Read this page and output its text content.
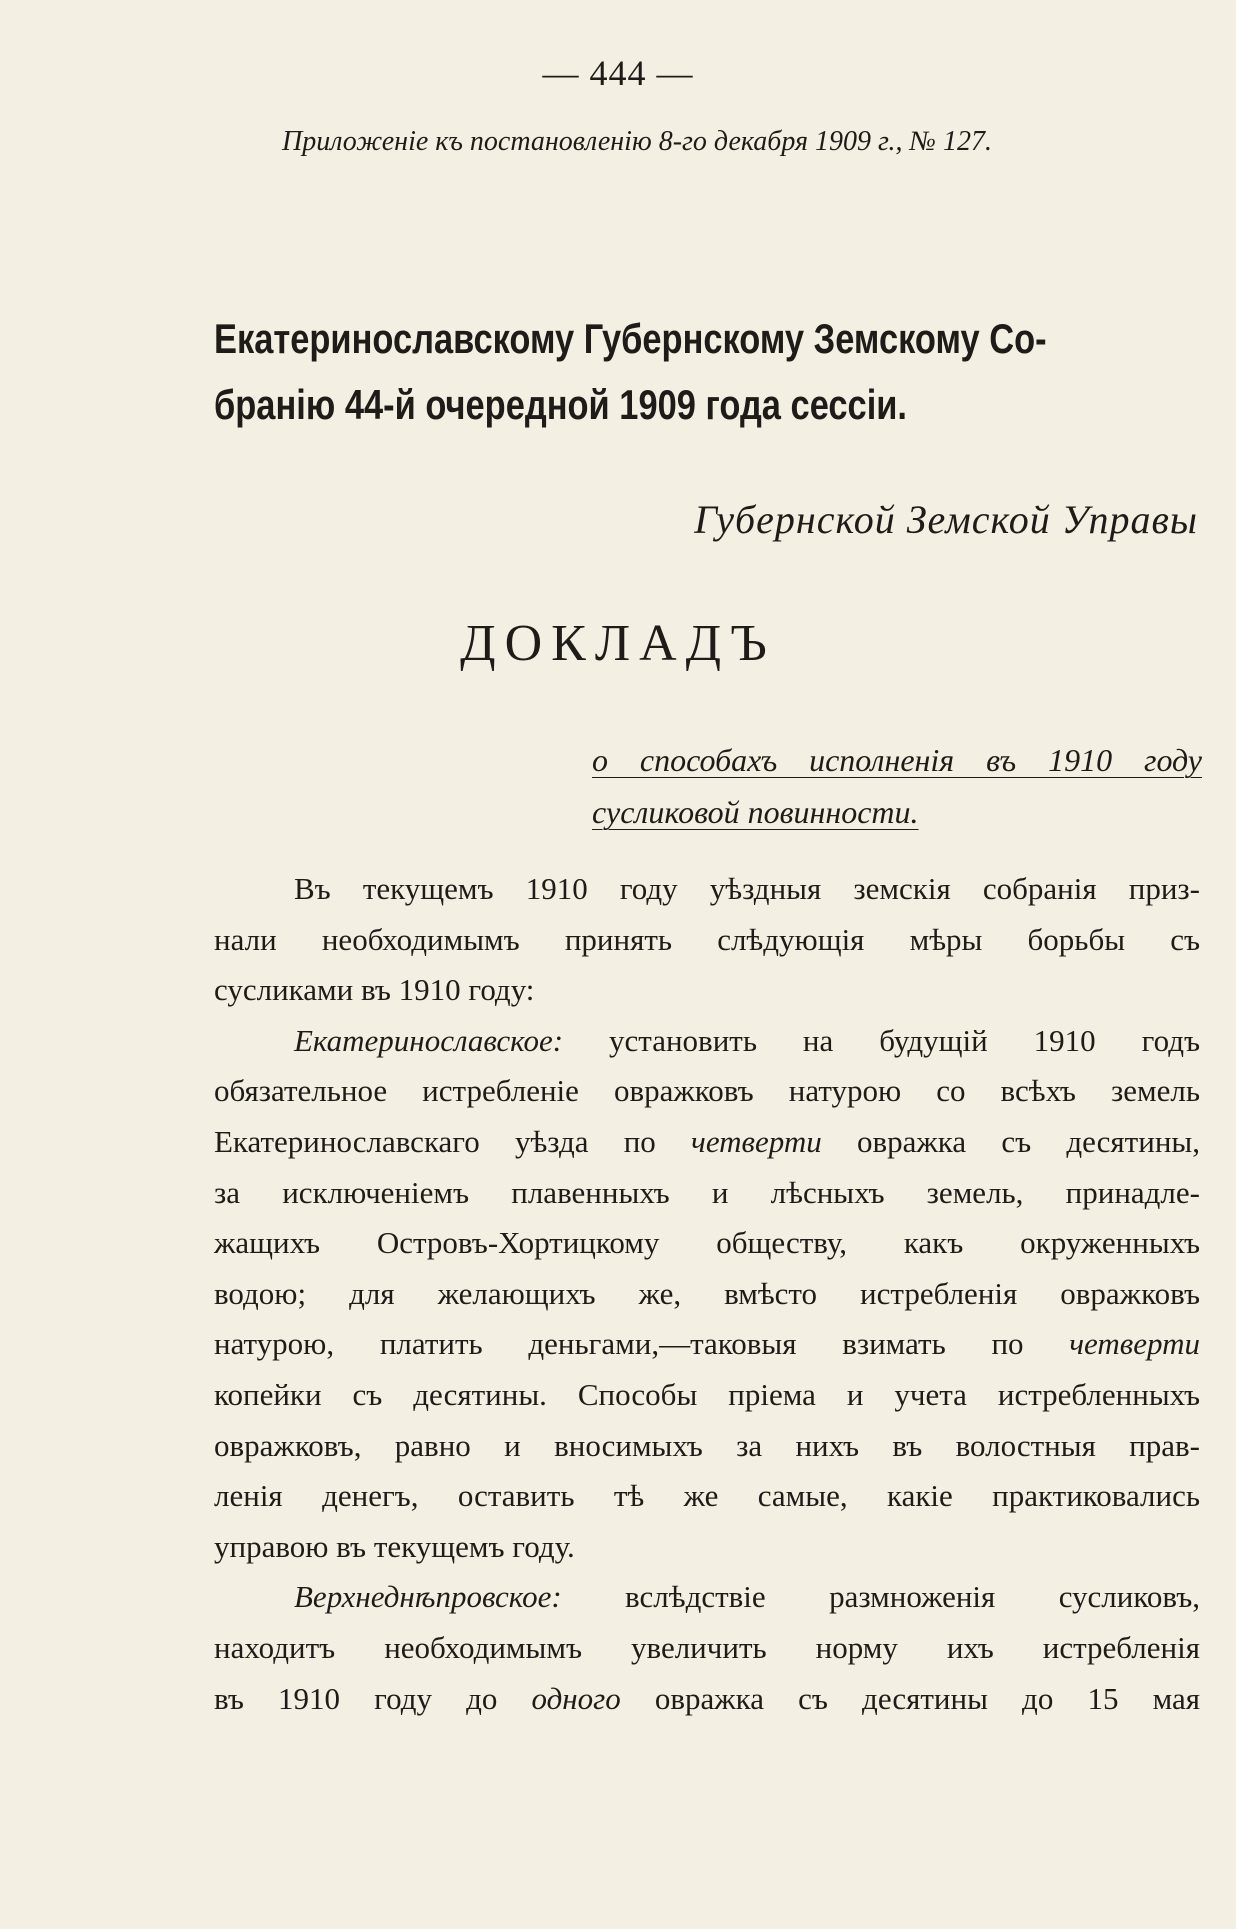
— 444 —
Приложенiе къ постановленiю 8-го декабря 1909 г., № 127.
Екатеринославскому Губернскому Земскому Со-
бранiю 44-й очередной 1909 года сессiи.
Губернской Земской Управы
ДОКЛАДЪ
о способахъ исполненiя въ 1910 году
сусликовой повинности.
Въ текущемъ 1910 году уѣздныя земскiя собранiя приз-
нали необходимымъ принять слѣдующiя мѣры борьбы съ
сусликами въ 1910 году:
Екатеринославское: установить на будущiй 1910 годъ
обязательное истребленiе овражковъ натурою со всѣхъ земель
Екатеринославскаго уѣзда по четверти овражка съ десятины,
за исключенiемъ плавенныхъ и лѣсныхъ земель, принадле-
жащихъ Островъ-Хортицкому обществу, какъ окруженныхъ
водою; для желающихъ же, вмѣсто истребленiя овражковъ
натурою, платить деньгами,—таковыя взимать по четверти
копейки съ десятины. Способы прiема и учета истребленныхъ
овражковъ, равно и вносимыхъ за нихъ въ волостныя прав-
ленiя денегъ, оставить тѣ же самые, какiе практиковались
управою въ текущемъ году.
Верхнеднѣпровское: вслѣдствiе размноженiя сусликовъ,
находитъ необходимымъ увеличить норму ихъ истребленiя
въ 1910 году до одного овражка съ десятины до 15 мая
